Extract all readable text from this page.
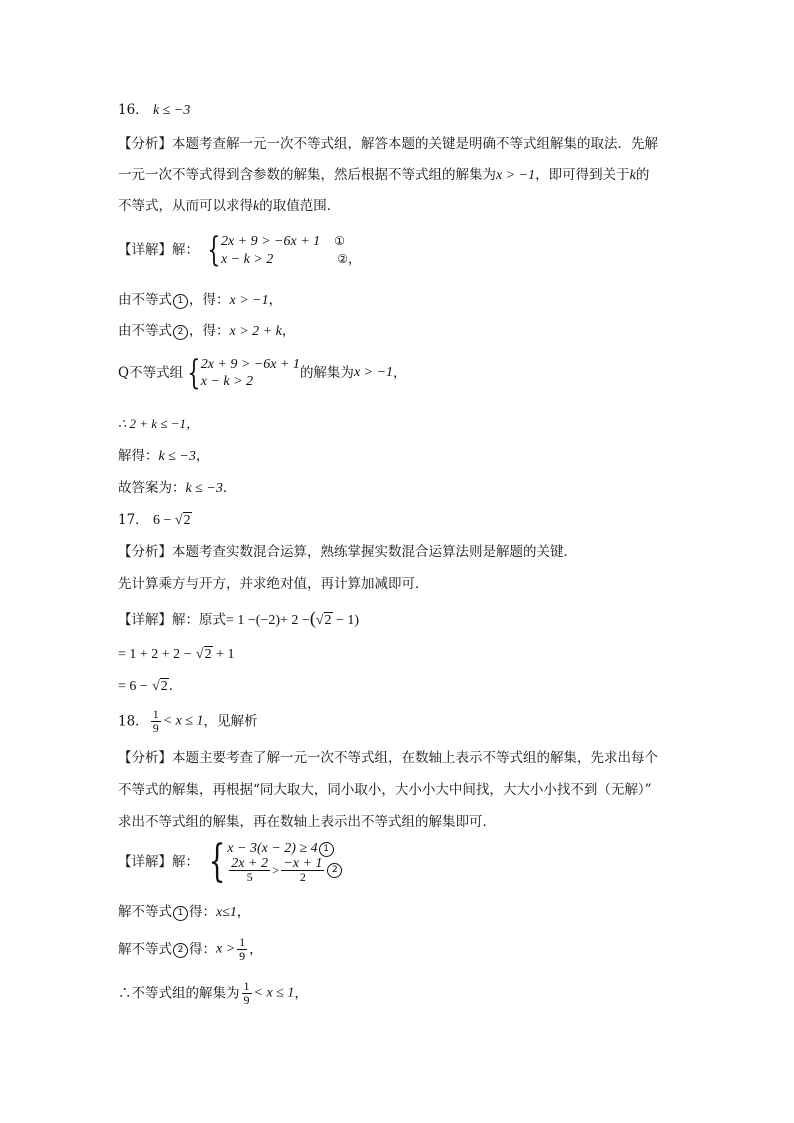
16． k ≤ −3
【分析】本题考查解一元一次不等式组，解答本题的关键是明确不等式组解集的取法．先解
一元一次不等式得到含参数的解集，然后根据不等式组的解集为x > −1，即可得到关于k的
不等式，从而可以求得k的取值范围．
【详解】解： { 2x + 9 > −6x + 1 ①
x − k > 2	②，
由不等式 1 ，得：x > −1，
由不等式 2 ，得：x > 2 + k，
Q不等式组 { 2x + 9 > −6x + 1
x − k > 2
的解集为x > −1，
∴ 2 + k ≤ −1，
解得：k ≤ −3，
故答案为：k ≤ −3．
17． 6 − √2
【分析】本题考查实数混合运算，熟练掌握实数混合运算法则是解题的关键．
先计算乘方与开方，并求绝对值，再计算加减即可．
【详解】解：原式= 1 −(−2)+ 2 −(√2 − 1)
= 1 + 2 + 2 − √2 + 1
= 6 − √2．
18． $\frac{1}{9} < x \le 1$，见解析
【分析】本题主要考查了解一元一次不等式组，在数轴上表示不等式组的解集，先求出每个
不等式的解集，再根据“同大取大，同小取小，大小小大中间找，大大小小找不到（无解）”
求出不等式组的解集，再在数轴上表示出不等式组的解集即可．
【详解】解： { x − 3(x − 2) ≥ 4 1
$\frac{2x + 2}{5} > \frac{-x + 1}{2} 2$
解不等式 1 得：x≤1，
解不等式 2 得：$x > \frac{1}{9}$ ，
∴不等式组的解集为 $\frac{1}{9} < x \le 1$，
